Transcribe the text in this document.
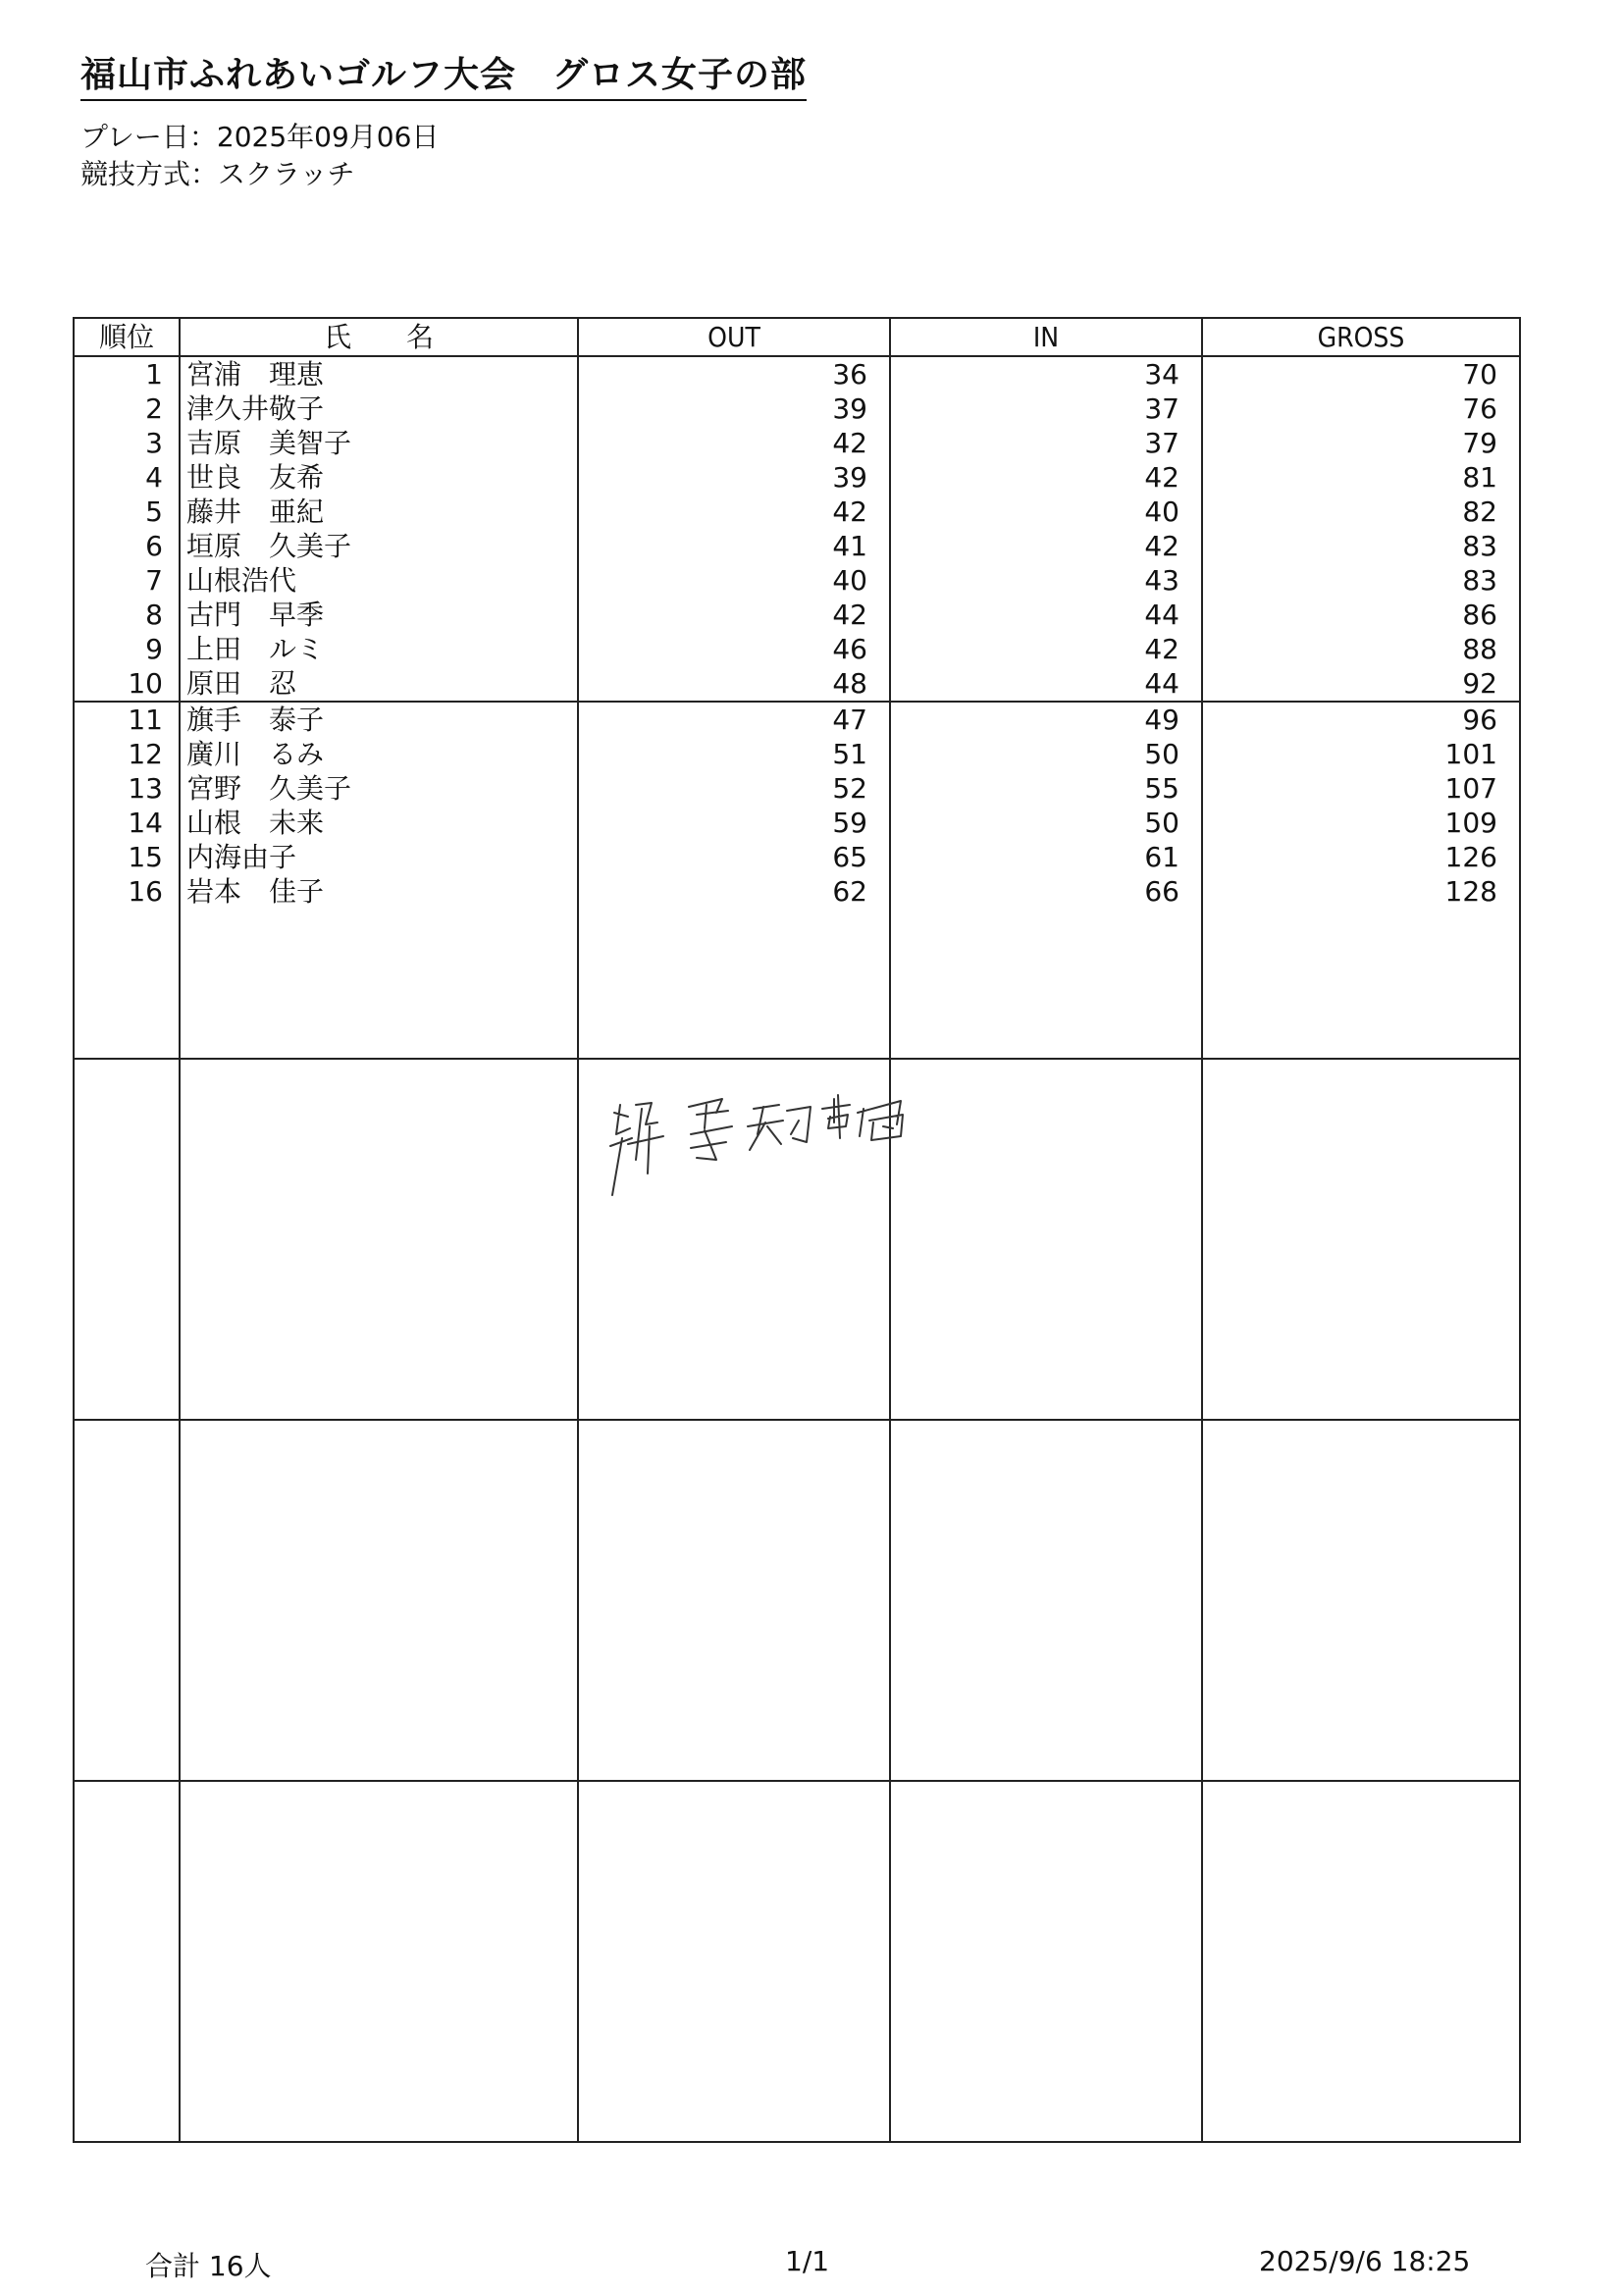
福山市ふれあいゴルフ大会　グロス女子の部
プレー日：2025年09月06日
競技方式：スクラッチ
順位	氏　　名	OUT	IN	GROSS
1	宮浦　理恵	36	34	70
2	津久井敬子	39	37	76
3	吉原　美智子	42	37	79
4	世良　友希	39	42	81
5	藤井　亜紀	42	40	82
6	垣原　久美子	41	42	83
7	山根浩代	40	43	83
8	古門　早季	42	44	86
9	上田　ルミ	46	42	88
10	原田　忍	48	44	92
11	旗手　泰子	47	49	96
12	廣川　るみ	51	50	101
13	宮野　久美子	52	55	107
14	山根　未来	59	50	109
15	内海由子	65	61	126
16	岩本　佳子	62	66	128

合計 16人	1/1	2025/9/6 18:25
